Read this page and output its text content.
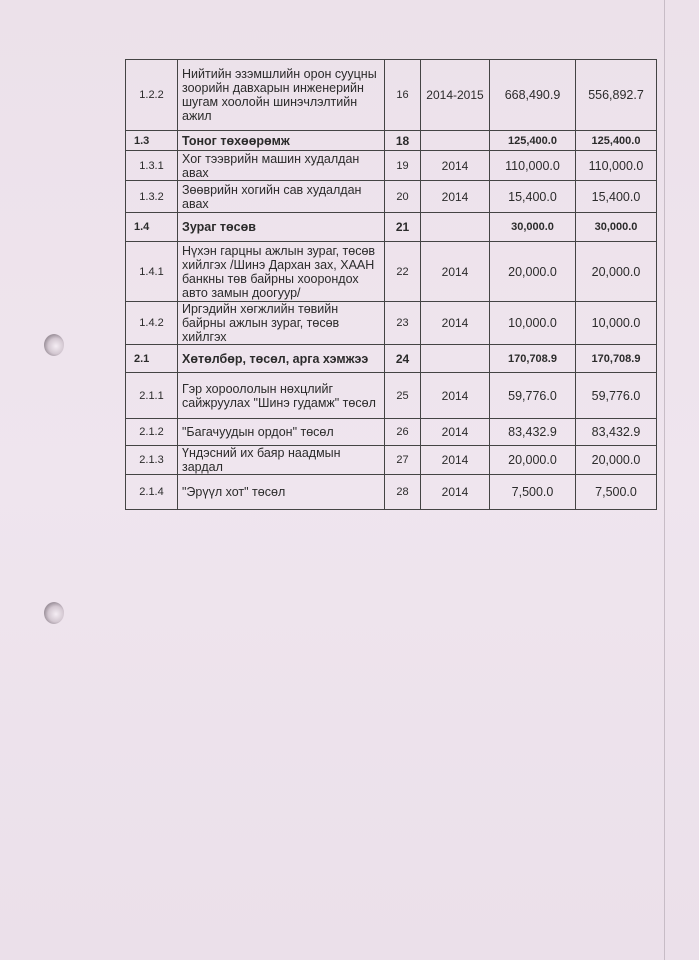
1.2.2	Нийтийн эзэмшлийн орон сууцны зоорийн давхарын инженерийн шугам хоолойн шинэчлэлтийн ажил	16	2014-2015	668,490.9	556,892.7
1.3	Тоног төхөөрөмж	18		125,400.0	125,400.0
1.3.1	Хог тээврийн машин худалдан авах	19	2014	110,000.0	110,000.0
1.3.2	Зөөврийн хогийн сав худалдан авах	20	2014	15,400.0	15,400.0
1.4	Зураг төсөв	21		30,000.0	30,000.0
1.4.1	Нүхэн гарцны ажлын зураг, төсөв хийлгэх /Шинэ Дархан зах, ХААН банкны төв байрны хоорондох авто замын доогуур/	22	2014	20,000.0	20,000.0
1.4.2	Иргэдийн хөгжлийн төвийн байрны ажлын зураг, төсөв хийлгэх	23	2014	10,000.0	10,000.0
2.1	Хөтөлбөр, төсөл, арга хэмжээ	24		170,708.9	170,708.9
2.1.1	Гэр хороололын нөхцлийг сайжруулах "Шинэ гудамж" төсөл	25	2014	59,776.0	59,776.0
2.1.2	"Багачуудын ордон" төсөл	26	2014	83,432.9	83,432.9
2.1.3	Үндэсний их баяр наадмын зардал	27	2014	20,000.0	20,000.0
2.1.4	"Эрүүл хот" төсөл	28	2014	7,500.0	7,500.0
